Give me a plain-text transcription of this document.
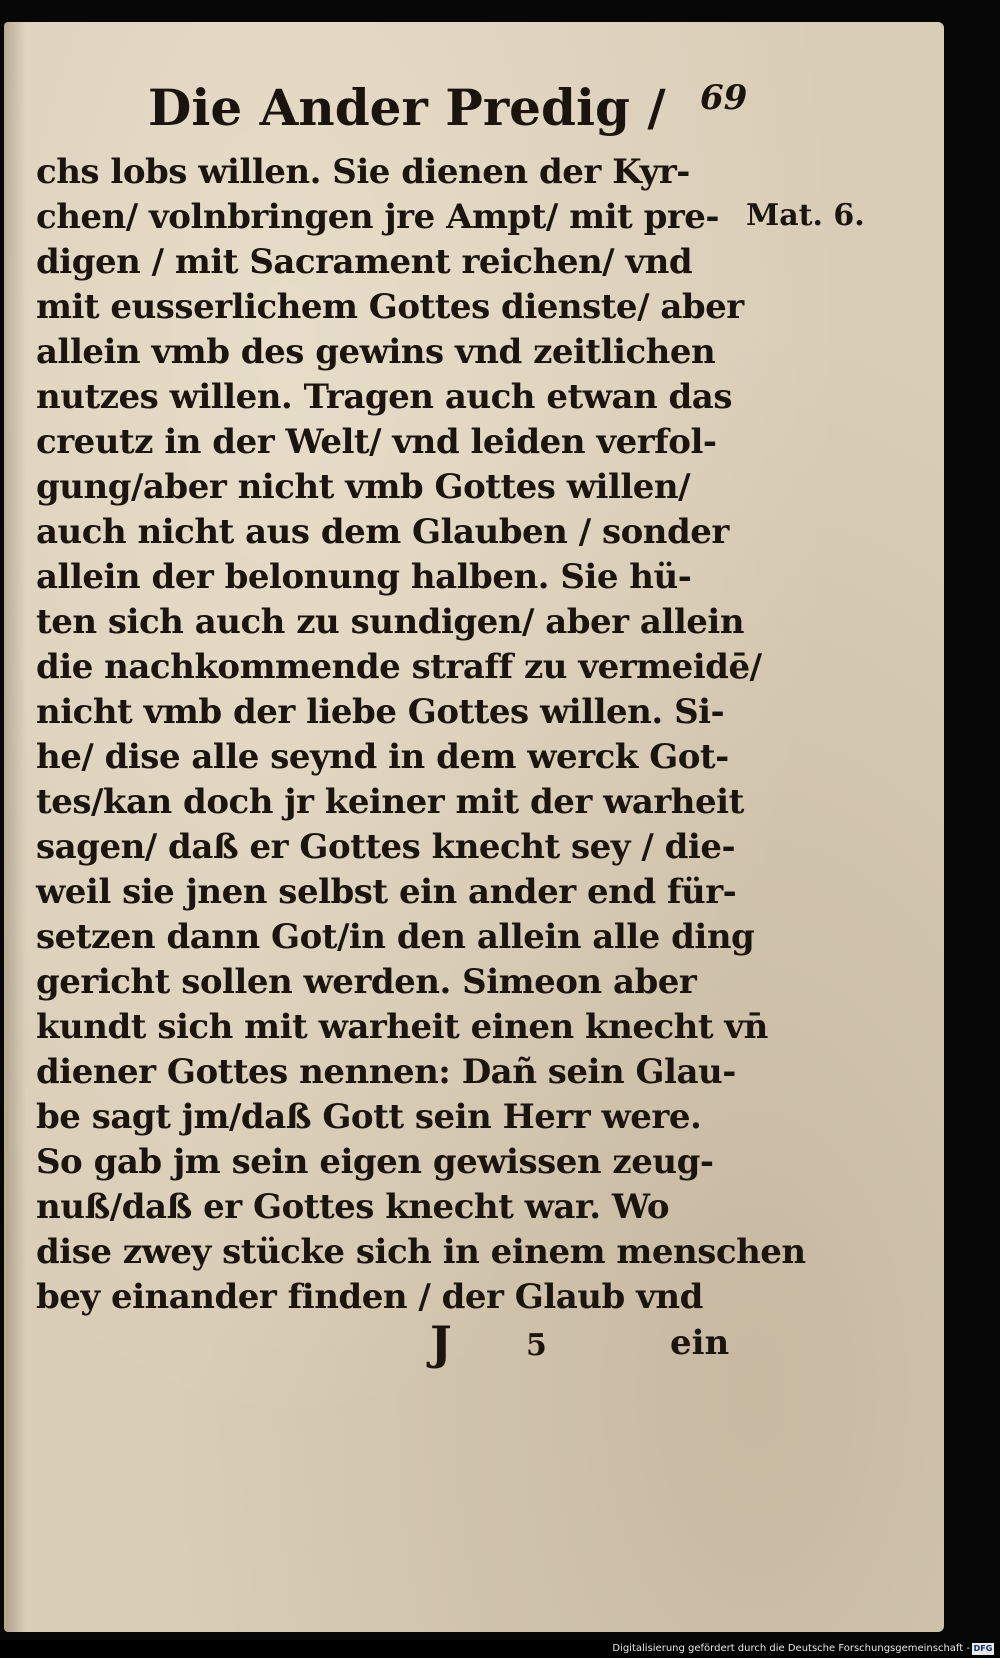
Die Ander Predig /	69
Mat. 6.
chs lobs willen. Sie dienen der Kyr‑
chen/ volnbringen jre Ampt/ mit pre‑
digen / mit Sacrament reichen/ vnd
mit eusserlichem Gottes dienste/ aber
allein vmb des gewins vnd zeitlichen
nutzes willen. Tragen auch etwan das
creutz in der Welt/ vnd leiden verfol‑
gung/aber nicht vmb Gottes willen/
auch nicht aus dem Glauben / sonder
allein der belonung halben. Sie hü‑
ten sich auch zu sundigen/ aber allein
die nachkommende straff zu vermeidē/
nicht vmb der liebe Gottes willen. Si‑
he/ dise alle seynd in dem werck Got‑
tes/kan doch jr keiner mit der warheit
sagen/ daß er Gottes knecht sey / die‑
weil sie jnen selbst ein ander end für‑
setzen dann Got/in den allein alle ding
gericht sollen werden. Simeon aber
kundt sich mit warheit einen knecht vn̄
diener Gottes nennen: Dañ sein Glau‑
be sagt jm/daß Gott sein Herr were.
So gab jm sein eigen gewissen zeug‑
nuß/daß er Gottes knecht war. Wo
dise zwey stücke sich in einem menschen
bey einander finden / der Glaub vnd
J 5	ein
Digitalisierung gefördert durch die Deutsche Forschungsgemeinschaft - DFG
